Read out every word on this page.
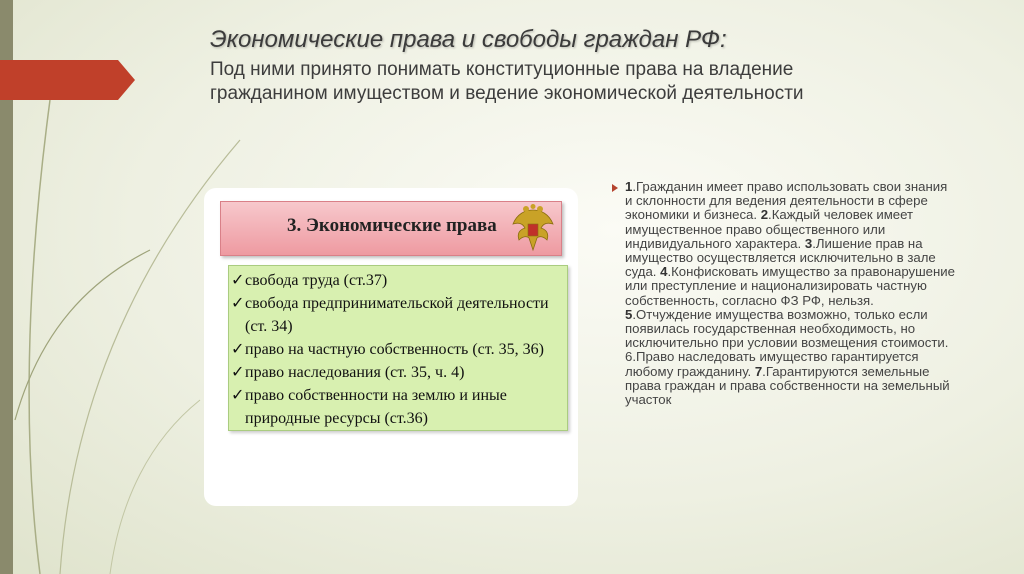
Экономические права и свободы граждан РФ:
Под ними принято понимать конституционные права на владение гражданином имуществом и ведение экономической деятельности
3. Экономические права
✓ свобода труда (ст.37)
✓ свобода предпринимательской деятельности (ст. 34)
✓ право на частную собственность (ст. 35, 36)
✓ право наследования (ст. 35, ч. 4)
✓ право собственности на землю и иные природные ресурсы (ст.36)
1.Гражданин имеет право использовать свои знания и склонности для ведения деятельности в сфере экономики и бизнеса. 2.Каждый человек имеет имущественное право общественного или индивидуального характера. 3.Лишение прав на имущество осуществляется исключительно в зале суда. 4.Конфисковать имущество за правонарушение или преступление и национализировать частную собственность, согласно ФЗ РФ, нельзя. 5.Отчуждение имущества возможно, только если появилась государственная необходимость, но исключительно при условии возмещения стоимости. 6.Право наследовать имущество гарантируется любому гражданину. 7.Гарантируются земельные права граждан и права собственности на земельный участок
